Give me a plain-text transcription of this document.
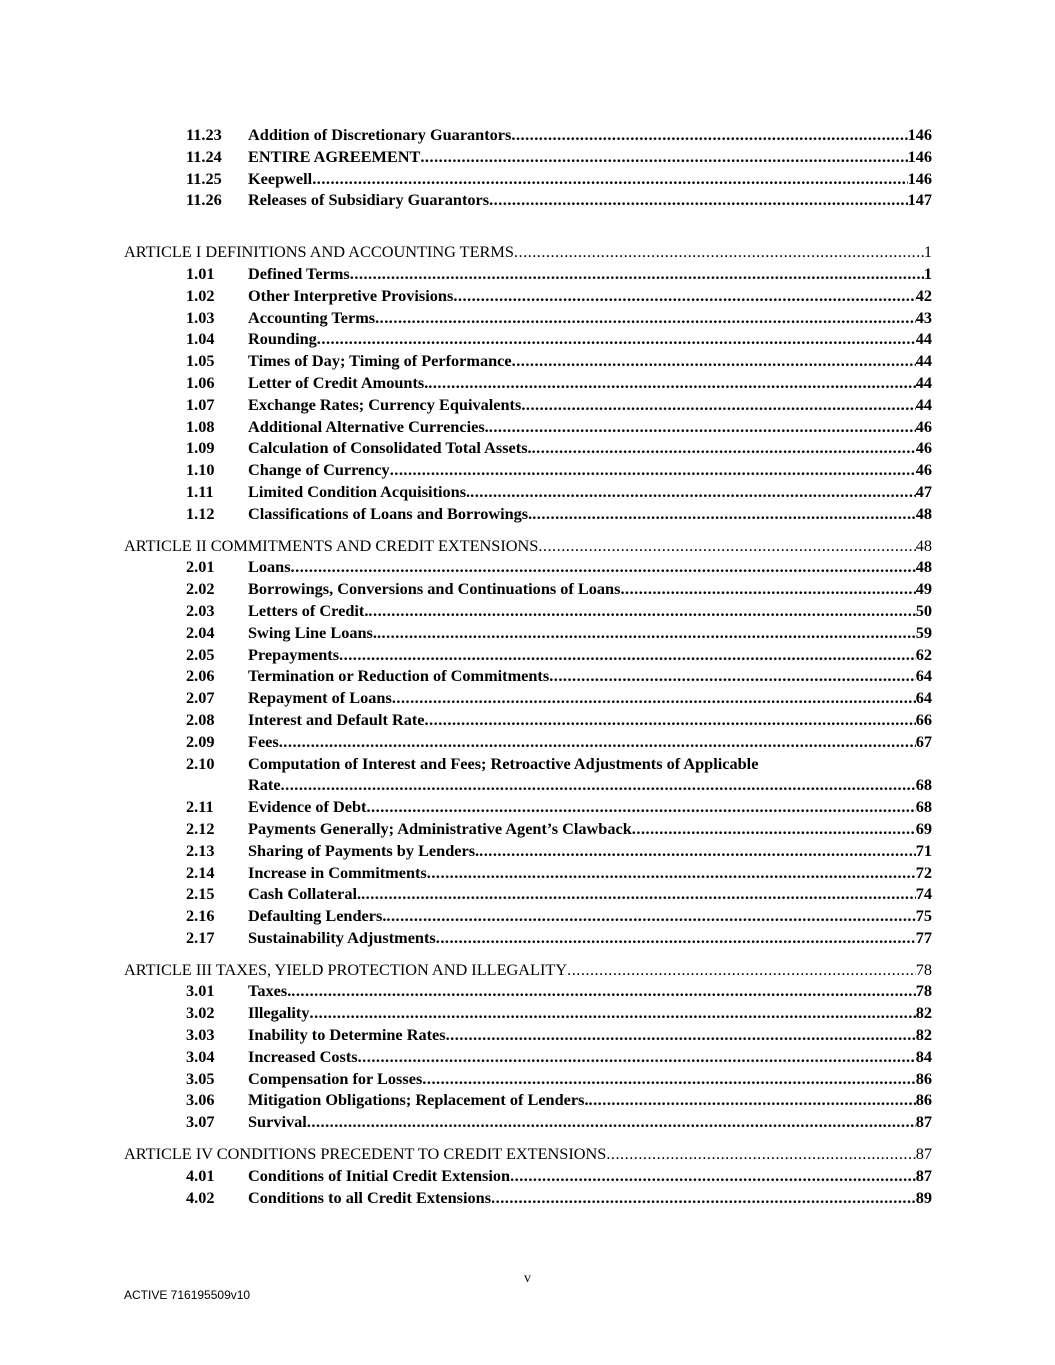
11.23	Addition of Discretionary Guarantors .....	146
11.24	ENTIRE AGREEMENT .....	146
11.25	Keepwell .....	146
11.26	Releases of Subsidiary Guarantors .....	147
ARTICLE I DEFINITIONS AND ACCOUNTING TERMS .....	1
1.01	Defined Terms .....	1
1.02	Other Interpretive Provisions .....	42
1.03	Accounting Terms .....	43
1.04	Rounding .....	44
1.05	Times of Day; Timing of Performance .....	44
1.06	Letter of Credit Amounts. .....	44
1.07	Exchange Rates; Currency Equivalents .....	44
1.08	Additional Alternative Currencies. .....	46
1.09	Calculation of Consolidated Total Assets. .....	46
1.10	Change of Currency .....	46
1.11	Limited Condition Acquisitions. .....	47
1.12	Classifications of Loans and Borrowings. .....	48
ARTICLE II COMMITMENTS AND CREDIT EXTENSIONS .....	48
2.01	Loans .....	48
2.02	Borrowings, Conversions and Continuations of Loans .....	49
2.03	Letters of Credit. .....	50
2.04	Swing Line Loans. .....	59
2.05	Prepayments .....	62
2.06	Termination or Reduction of Commitments .....	64
2.07	Repayment of Loans .....	64
2.08	Interest and Default Rate .....	66
2.09	Fees .....	67
2.10	Computation of Interest and Fees; Retroactive Adjustments of Applicable
Rate .....	68
2.11	Evidence of Debt .....	68
2.12	Payments Generally; Administrative Agent’s Clawback .....	69
2.13	Sharing of Payments by Lenders. .....	71
2.14	Increase in Commitments .....	72
2.15	Cash Collateral. .....	74
2.16	Defaulting Lenders. .....	75
2.17	Sustainability Adjustments .....	77
ARTICLE III TAXES, YIELD PROTECTION AND ILLEGALITY .....	78
3.01	Taxes. .....	78
3.02	Illegality .....	82
3.03	Inability to Determine Rates .....	82
3.04	Increased Costs .....	84
3.05	Compensation for Losses .....	86
3.06	Mitigation Obligations; Replacement of Lenders. .....	86
3.07	Survival .....	87
ARTICLE IV CONDITIONS PRECEDENT TO CREDIT EXTENSIONS .....	87
4.01	Conditions of Initial Credit Extension .....	87
4.02	Conditions to all Credit Extensions .....	89
v
ACTIVE 716195509v10
